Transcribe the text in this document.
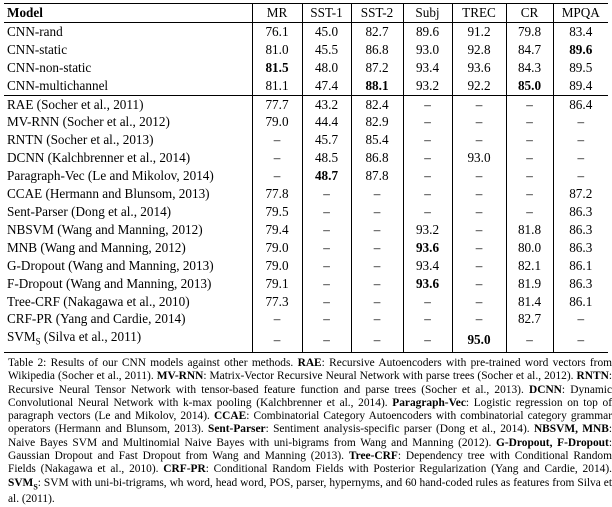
Model	MR	SST-1	SST-2	Subj	TREC	CR	MPQA
CNN-rand	76.1	45.0	82.7	89.6	91.2	79.8	83.4
CNN-static	81.0	45.5	86.8	93.0	92.8	84.7	89.6
CNN-non-static	81.5	48.0	87.2	93.4	93.6	84.3	89.5
CNN-multichannel	81.1	47.4	88.1	93.2	92.2	85.0	89.4
RAE (Socher et al., 2011)	77.7	43.2	82.4	–	–	–	86.4
MV-RNN (Socher et al., 2012)	79.0	44.4	82.9	–	–	–	–
RNTN (Socher et al., 2013)	–	45.7	85.4	–	–	–	–
DCNN (Kalchbrenner et al., 2014)	–	48.5	86.8	–	93.0	–	–
Paragraph-Vec (Le and Mikolov, 2014)	–	48.7	87.8	–	–	–	–
CCAE (Hermann and Blunsom, 2013)	77.8	–	–	–	–	–	87.2
Sent-Parser (Dong et al., 2014)	79.5	–	–	–	–	–	86.3
NBSVM (Wang and Manning, 2012)	79.4	–	–	93.2	–	81.8	86.3
MNB (Wang and Manning, 2012)	79.0	–	–	93.6	–	80.0	86.3
G-Dropout (Wang and Manning, 2013)	79.0	–	–	93.4	–	82.1	86.1
F-Dropout (Wang and Manning, 2013)	79.1	–	–	93.6	–	81.9	86.3
Tree-CRF (Nakagawa et al., 2010)	77.3	–	–	–	–	81.4	86.1
CRF-PR (Yang and Cardie, 2014)	–	–	–	–	–	82.7	–
$SVM_S$ (Silva et al., 2011)	–	–	–	–	95.0	–	–
Table 2: Results of our CNN models against other methods. RAE: Recursive Autoencoders with pre-trained word vectors from Wikipedia (Socher et al., 2011). MV-RNN: Matrix-Vector Recursive Neural Network with parse trees (Socher et al., 2012). RNTN: Recursive Neural Tensor Network with tensor-based feature function and parse trees (Socher et al., 2013). DCNN: Dynamic Convolutional Neural Network with k-max pooling (Kalchbrenner et al., 2014). Paragraph-Vec: Logistic regression on top of paragraph vectors (Le and Mikolov, 2014). CCAE: Combinatorial Category Autoencoders with combinatorial category grammar operators (Hermann and Blunsom, 2013). Sent-Parser: Sentiment analysis-specific parser (Dong et al., 2014). NBSVM, MNB: Naive Bayes SVM and Multinomial Naive Bayes with uni-bigrams from Wang and Manning (2012). G-Dropout, F-Dropout: Gaussian Dropout and Fast Dropout from Wang and Manning (2013). Tree-CRF: Dependency tree with Conditional Random Fields (Nakagawa et al., 2010). CRF-PR: Conditional Random Fields with Posterior Regularization (Yang and Cardie, 2014). $SVM_S$: SVM with uni-bi-trigrams, wh word, head word, POS, parser, hypernyms, and 60 hand-coded rules as features from Silva et al. (2011).
